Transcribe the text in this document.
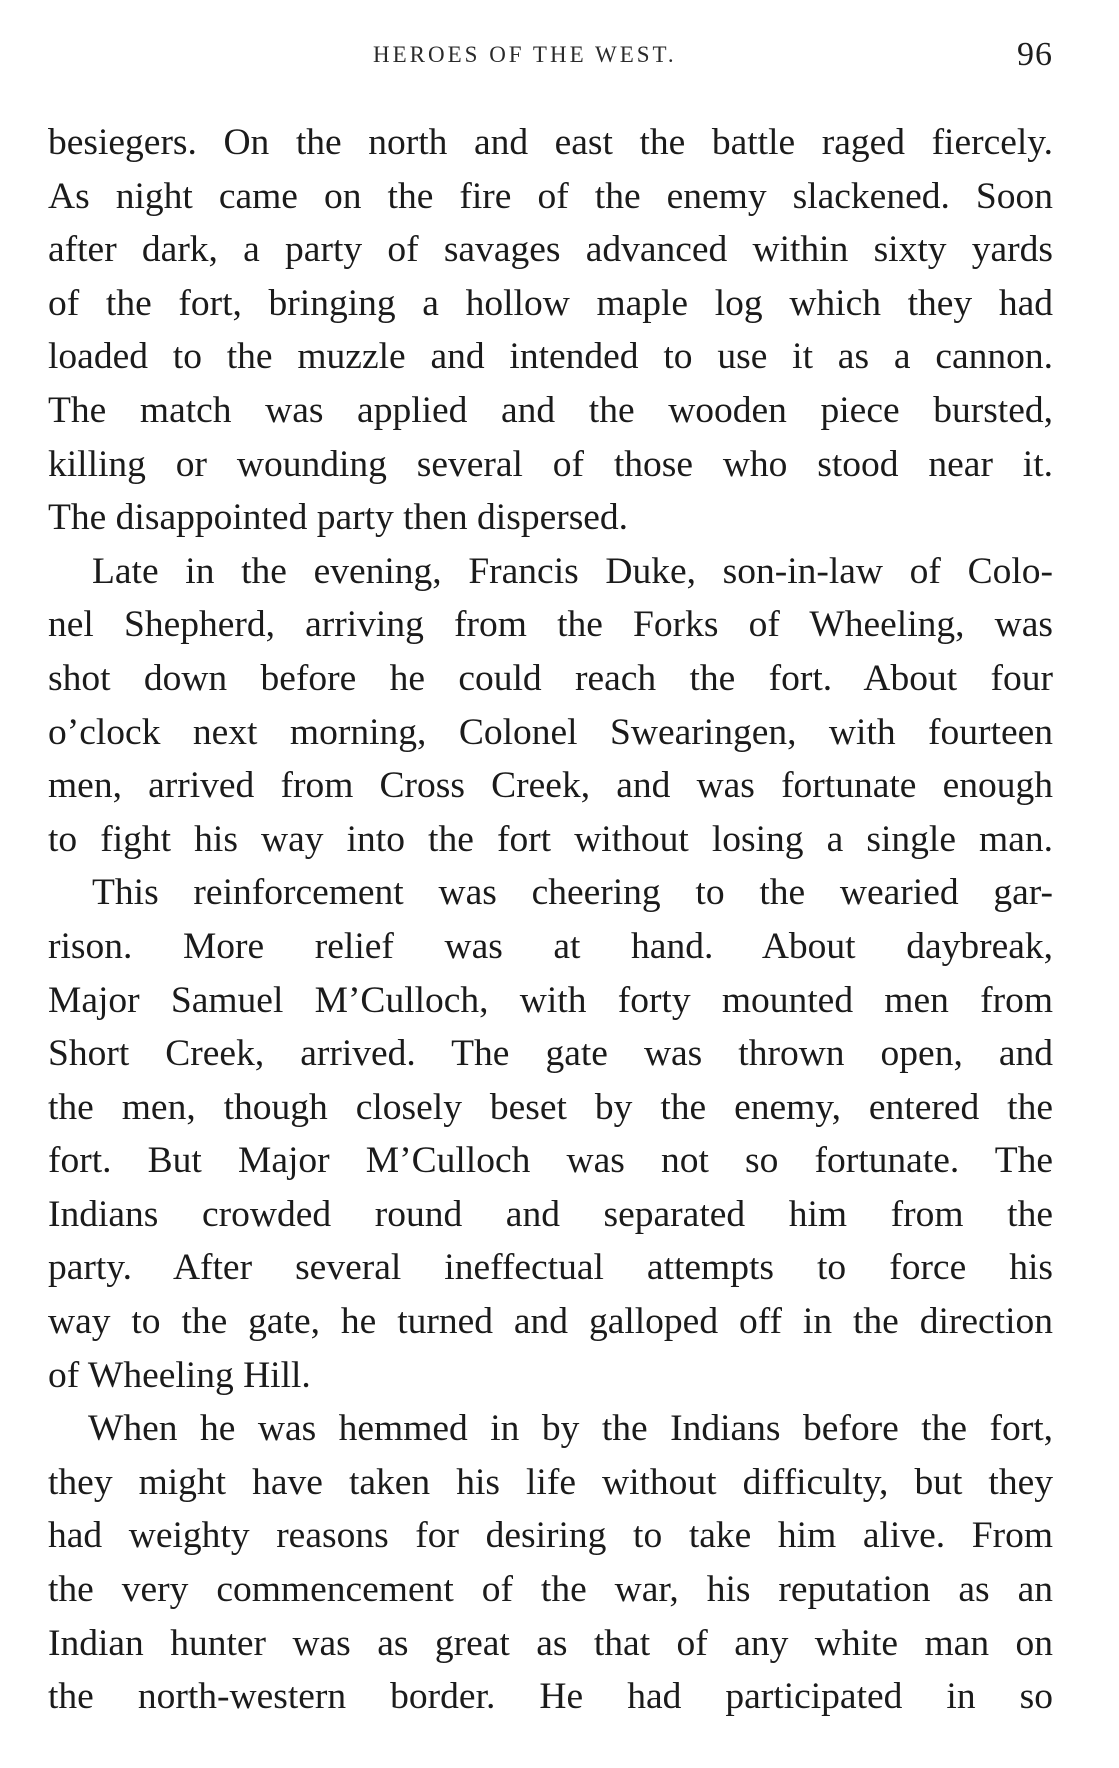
HEROES OF THE WEST.	96
besiegers. On the north and east the battle raged fiercely.
As night came on the fire of the enemy slackened. Soon
after dark, a party of savages advanced within sixty yards
of the fort, bringing a hollow maple log which they had
loaded to the muzzle and intended to use it as a cannon.
The match was applied and the wooden piece bursted,
killing or wounding several of those who stood near it.
The disappointed party then dispersed.
Late in the evening, Francis Duke, son-in-law of Colo-
nel Shepherd, arriving from the Forks of Wheeling, was
shot down before he could reach the fort. About four
o’clock next morning, Colonel Swearingen, with fourteen
men, arrived from Cross Creek, and was fortunate enough
to fight his way into the fort without losing a single man.
This reinforcement was cheering to the wearied gar-
rison. More relief was at hand. About daybreak,
Major Samuel M’Culloch, with forty mounted men from
Short Creek, arrived. The gate was thrown open, and
the men, though closely beset by the enemy, entered the
fort. But Major M’Culloch was not so fortunate. The
Indians crowded round and separated him from the
party. After several ineffectual attempts to force his
way to the gate, he turned and galloped off in the direction
of Wheeling Hill.
When he was hemmed in by the Indians before the fort,
they might have taken his life without difficulty, but they
had weighty reasons for desiring to take him alive. From
the very commencement of the war, his reputation as an
Indian hunter was as great as that of any white man on
the north-western border. He had participated in so
